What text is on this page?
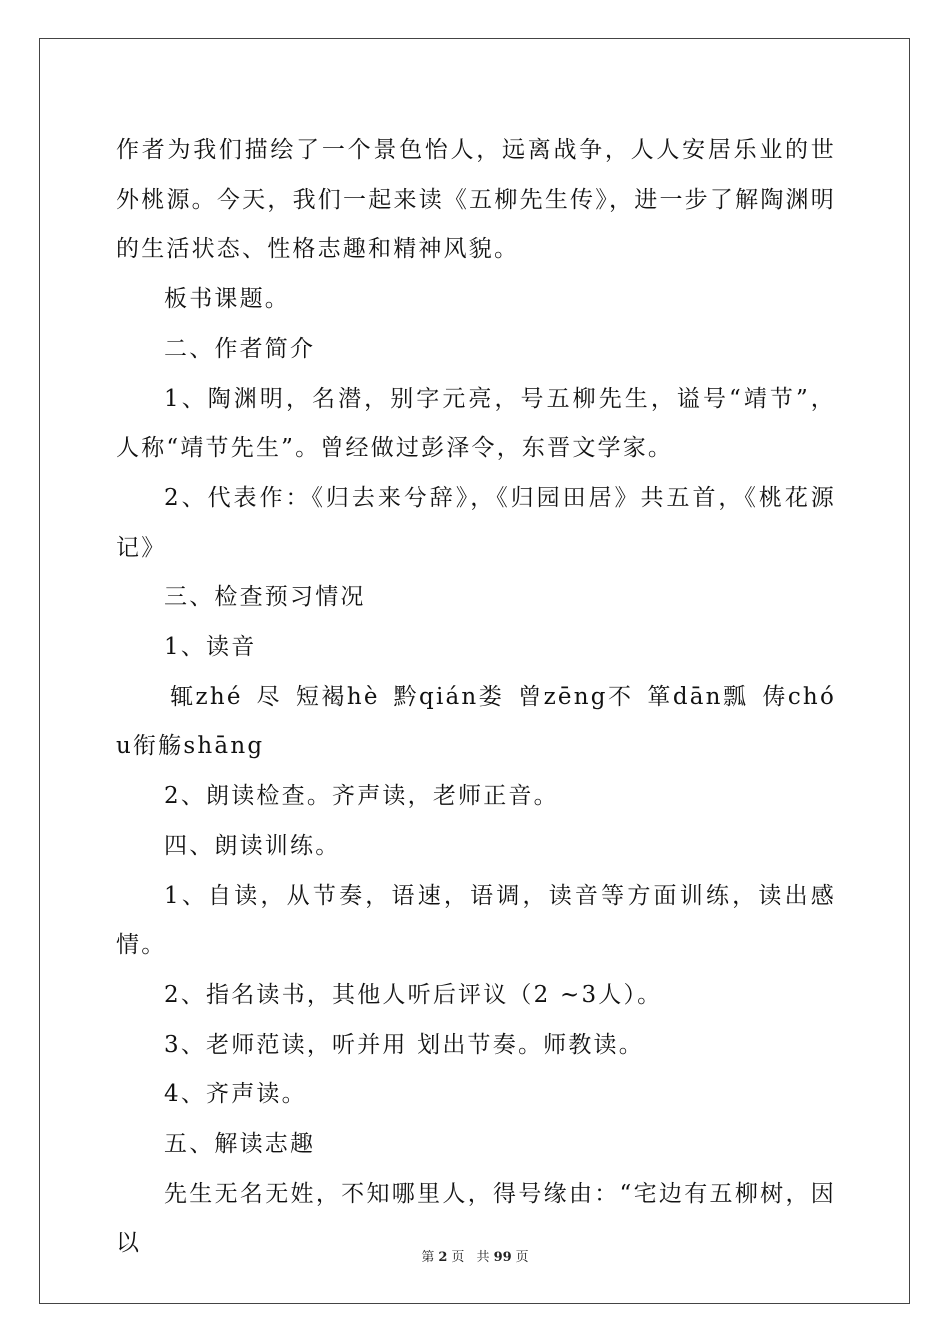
作者为我们描绘了一个景色怡人，远离战争，人人安居乐业的世外桃源。今天，我们一起来读《五柳先生传》，进一步了解陶渊明的生活状态、性格志趣和精神风貌。

板书课题。

二、作者简介

1、陶渊明，名潜，别字元亮，号五柳先生，谥号“靖节”，人称“靖节先生”。曾经做过彭泽令，东晋文学家。

2、代表作：《归去来兮辞》，《归园田居》共五首，《桃花源记》

三、检查预习情况

1、读音

辄zhé 尽 短褐hè 黔qián娄 曾zēng不 箪dān瓢 俦chóu衔觞shāng

2、朗读检查。齐声读，老师正音。

四、朗读训练。

1、自读，从节奏，语速，语调，读音等方面训练，读出感情。

2、指名读书，其他人听后评议（2 ~3人）。

3、老师范读，听并用 划出节奏。师教读。

4、齐声读。

五、解读志趣

先生无名无姓，不知哪里人，得号缘由：“宅边有五柳树，因以

第 2 页 共 99 页
